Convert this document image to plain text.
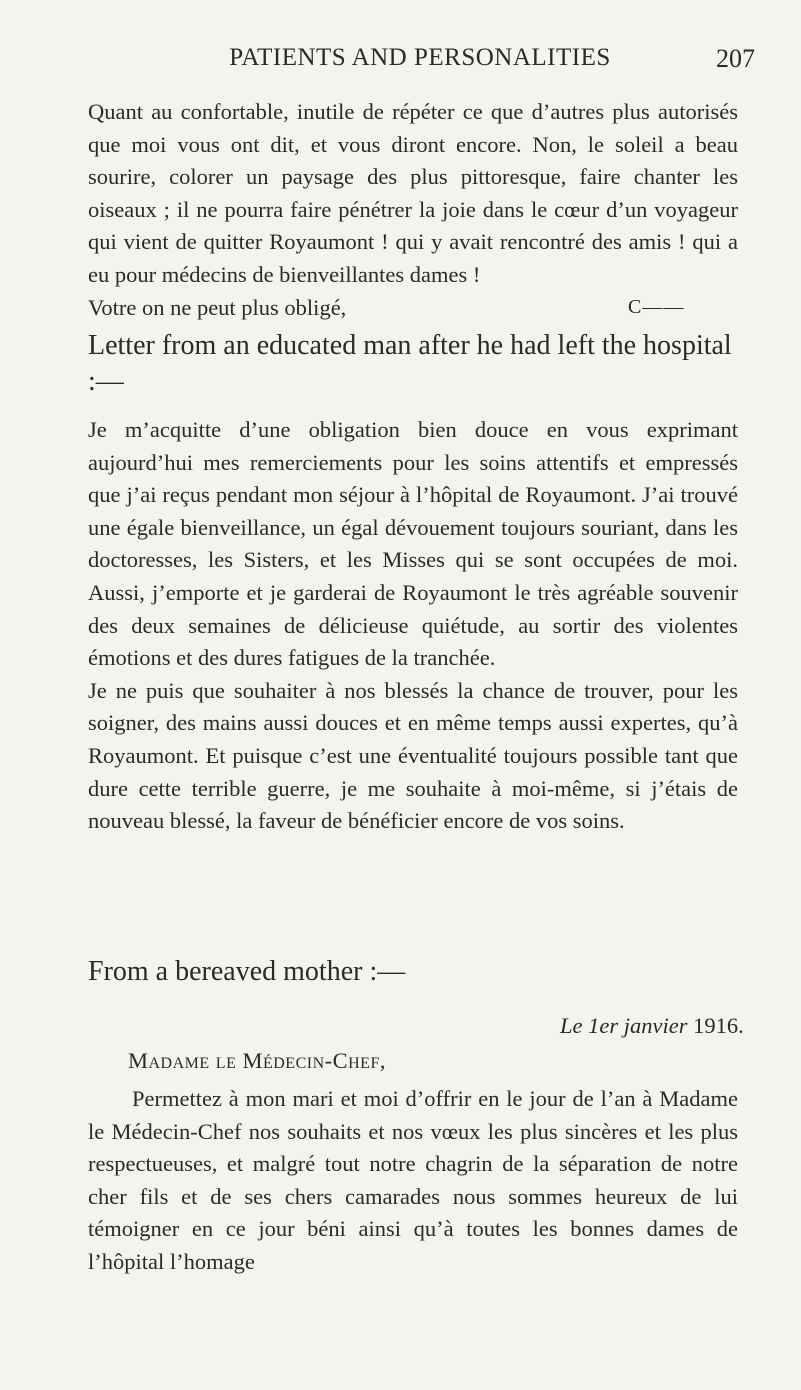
PATIENTS AND PERSONALITIES	207

Quant au confortable, inutile de répéter ce que d’autres plus autorisés que moi vous ont dit, et vous diront encore. Non, le soleil a beau sourire, colorer un paysage des plus pittoresque, faire chanter les oiseaux ; il ne pourra faire pénétrer la joie dans le cœur d’un voyageur qui vient de quitter Royaumont ! qui y avait rencontré des amis ! qui a eu pour médecins de bienveillantes dames !

Votre on ne peut plus obligé,	C——
Letter from an educated man after he had left the hospital :—

Je m’acquitte d’une obligation bien douce en vous exprimant aujourd’hui mes remerciements pour les soins attentifs et empressés que j’ai reçus pendant mon séjour à l’hôpital de Royaumont. J’ai trouvé une égale bienveillance, un égal dévouement toujours souriant, dans les doctoresses, les Sisters, et les Misses qui se sont occupées de moi. Aussi, j’emporte et je garderai de Royaumont le très agréable souvenir des deux semaines de délicieuse quiétude, au sortir des violentes émotions et des dures fatigues de la tranchée.

Je ne puis que souhaiter à nos blessés la chance de trouver, pour les soigner, des mains aussi douces et en même temps aussi expertes, qu’à Royaumont. Et puisque c’est une éventualité toujours possible tant que dure cette terrible guerre, je me souhaite à moi-même, si j’étais de nouveau blessé, la faveur de bénéficier encore de vos soins.

From a bereaved mother :—
Le 1er janvier 1916.
Madame le Médecin-Chef,

Permettez à mon mari et moi d’offrir en le jour de l’an à Madame le Médecin-Chef nos souhaits et nos vœux les plus sincères et les plus respectueuses, et malgré tout notre chagrin de la séparation de notre cher fils et de ses chers camarades nous sommes heureux de lui témoigner en ce jour béni ainsi qu’à toutes les bonnes dames de l’hôpital l’homage
